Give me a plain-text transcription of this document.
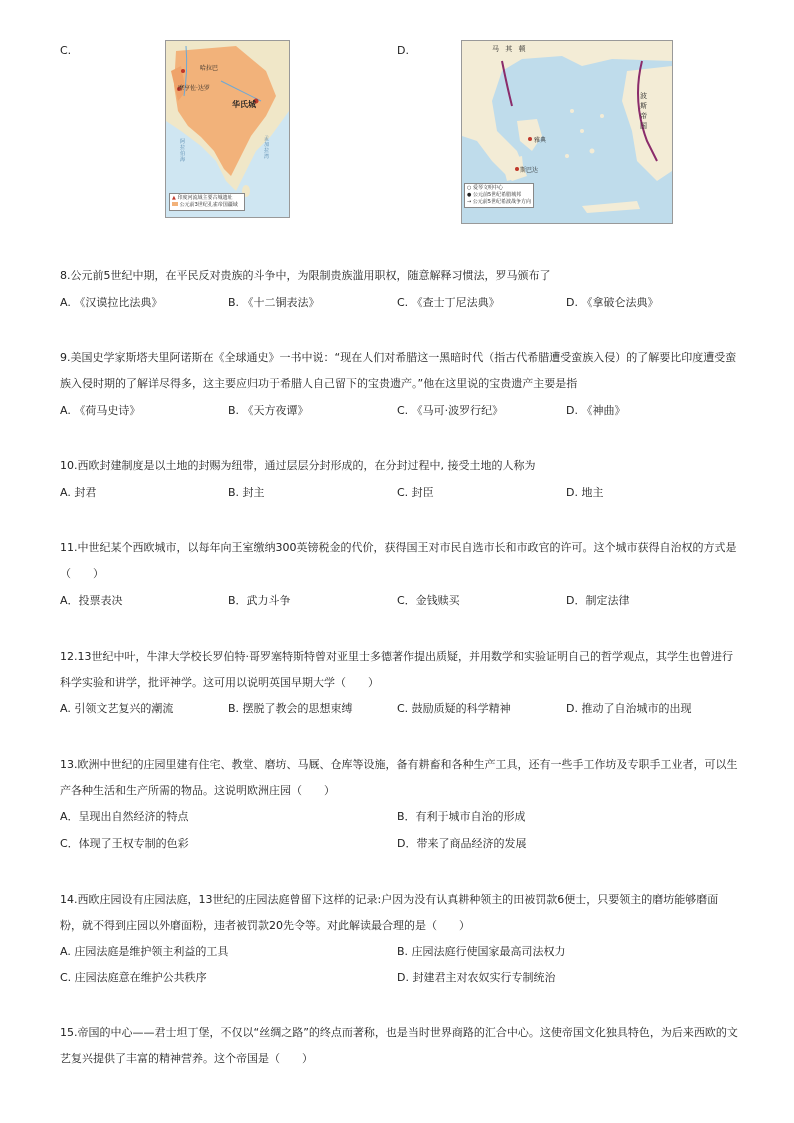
C.	D.
哈拉巴
摩亨佐·达罗
华氏城
阿拉伯海
孟加拉湾
▲ 印度河流域主要古城遗址
公元前3世纪孔雀帝国疆域
马 其 顿
波 斯 帝 国
雅典
斯巴达
○ 爱琴文明中心
● 公元前5世纪希腊城邦
→ 公元前5世纪希波战争方向
8.公元前5世纪中期，在平民反对贵族的斗争中，为限制贵族滥用职权，随意解释习惯法，罗马颁布了
A. 《汉谟拉比法典》	B. 《十二铜表法》	C. 《查士丁尼法典》	D. 《拿破仑法典》
9.美国史学家斯塔夫里阿诺斯在《全球通史》一书中说：“现在人们对希腊这一黑暗时代（指古代希腊遭受蛮族入侵）的了解要比印度遭受蛮族入侵时期的了解详尽得多，这主要应归功于希腊人自己留下的宝贵遗产。”他在这里说的宝贵遗产主要是指
A. 《荷马史诗》	B. 《天方夜谭》	C. 《马可·波罗行纪》	D. 《神曲》
10.西欧封建制度是以土地的封赐为纽带，通过层层分封形成的，在分封过程中, 接受土地的人称为
A. 封君	B. 封主	C. 封臣	D. 地主
11.中世纪某个西欧城市，以每年向王室缴纳300英镑税金的代价，获得国王对市民自选市长和市政官的许可。这个城市获得自治权的方式是（　　）
A．投票表决	B．武力斗争	C．金钱赎买	D．制定法律
12.13世纪中叶，牛津大学校长罗伯特·哥罗塞特斯特曾对亚里士多德著作提出质疑，并用数学和实验证明自己的哲学观点，其学生也曾进行科学实验和讲学，批评神学。这可用以说明英国早期大学（　　）
A. 引领文艺复兴的潮流	B. 摆脱了教会的思想束缚	C. 鼓励质疑的科学精神	D. 推动了自治城市的出现
13.欧洲中世纪的庄园里建有住宅、教堂、磨坊、马厩、仓库等设施，备有耕畜和各种生产工具，还有一些手工作坊及专职手工业者，可以生产各种生活和生产所需的物品。这说明欧洲庄园（　　）
A．呈现出自然经济的特点	B．有利于城市自治的形成
C．体现了王权专制的色彩	D．带来了商品经济的发展
14.西欧庄园设有庄园法庭，13世纪的庄园法庭曾留下这样的记录:户因为没有认真耕种领主的田被罚款6便士，只要领主的磨坊能够磨面粉，就不得到庄园以外磨面粉，违者被罚款20先令等。对此解读最合理的是（　　）
A. 庄园法庭是维护领主利益的工具	B. 庄园法庭行使国家最高司法权力
C. 庄园法庭意在维护公共秩序	D. 封建君主对农奴实行专制统治
15.帝国的中心——君士坦丁堡，不仅以“丝绸之路”的终点而著称，也是当时世界商路的汇合中心。这使帝国文化独具特色，为后来西欧的文艺复兴提供了丰富的精神营养。这个帝国是（　　）
